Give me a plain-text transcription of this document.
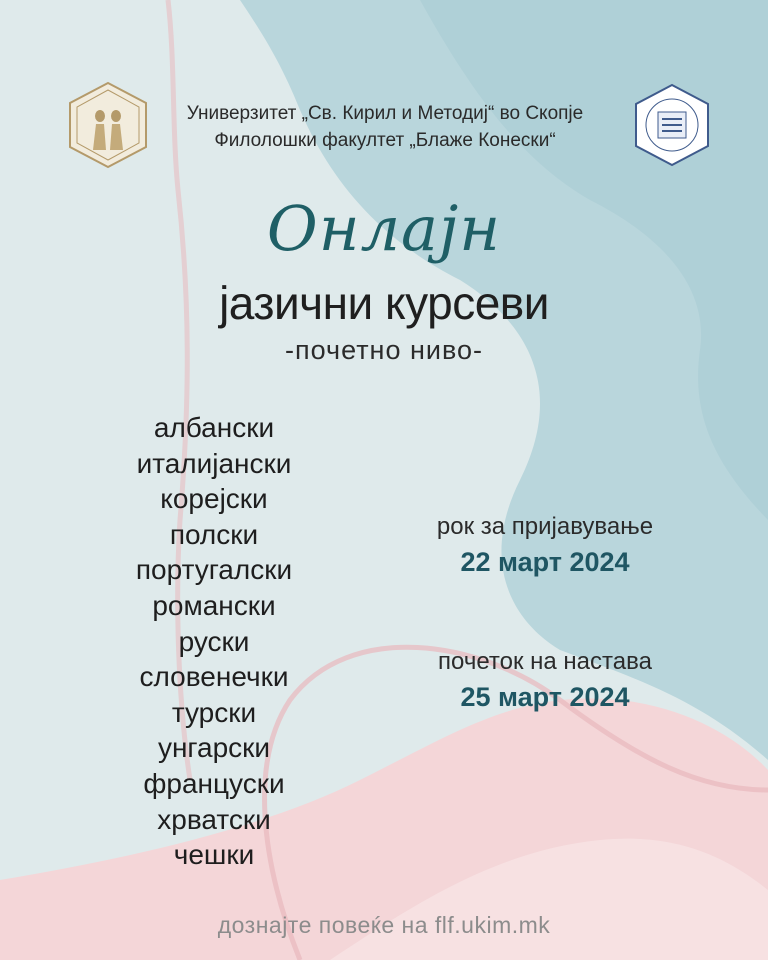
Универзитет „Св. Кирил и Методиј“ во Скопје
Филолошки факултет „Блаже Конески“
Онлајн
јазични курсеви
-почетно ниво-
албански
италијански
корејски
полски
португалски
романски
руски
словенечки
турски
унгарски
француски
хрватски
чешки
рок за пријавување
22 март 2024
почеток на настава
25 март 2024
дознајте повеќе на flf.ukim.mk
